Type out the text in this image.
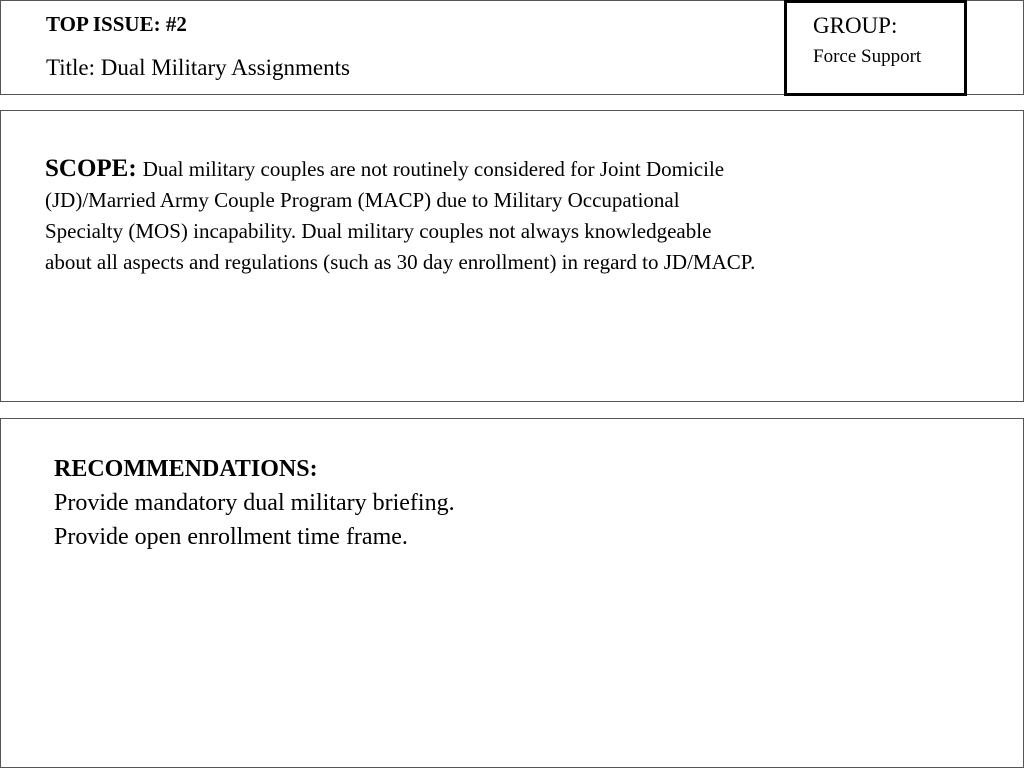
TOP ISSUE: #2
Title: Dual Military Assignments
GROUP:
Force Support
SCOPE: Dual military couples are not routinely considered for Joint Domicile
(JD)/Married Army Couple Program (MACP) due to Military Occupational
Specialty (MOS) incapability. Dual military couples not always knowledgeable
about all aspects and regulations (such as 30 day enrollment) in regard to JD/MACP.
RECOMMENDATIONS:
Provide mandatory dual military briefing.
Provide open enrollment time frame.
